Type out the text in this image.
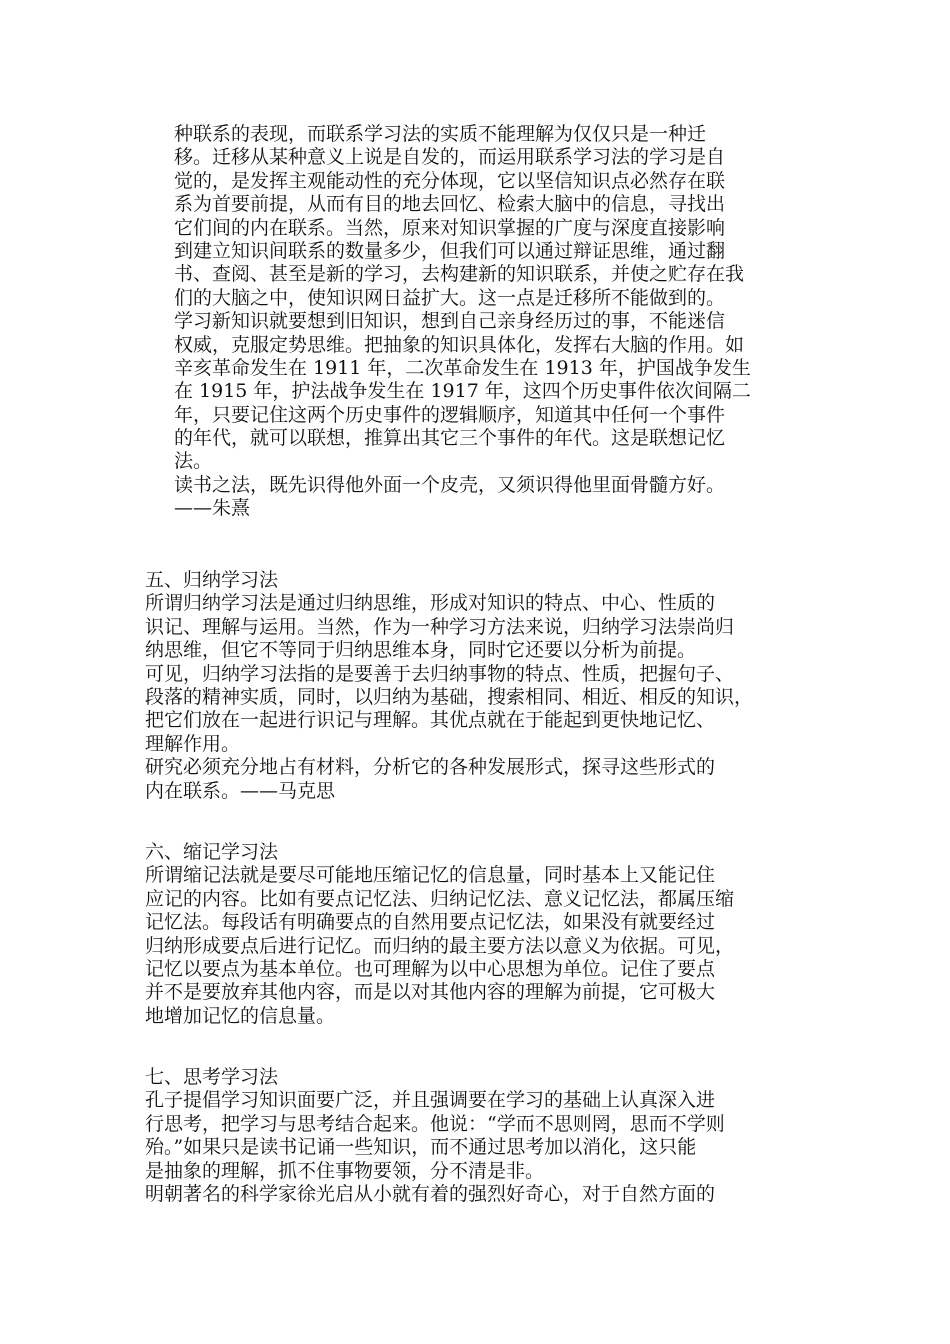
种联系的表现，而联系学习法的实质不能理解为仅仅只是一种迁
移。迁移从某种意义上说是自发的，而运用联系学习法的学习是自
觉的，是发挥主观能动性的充分体现，它以坚信知识点必然存在联
系为首要前提，从而有目的地去回忆、检索大脑中的信息，寻找出
它们间的内在联系。当然，原来对知识掌握的广度与深度直接影响
到建立知识间联系的数量多少，但我们可以通过辩证思维，通过翻
书、查阅、甚至是新的学习，去构建新的知识联系，并使之贮存在我
们的大脑之中，使知识网日益扩大。这一点是迁移所不能做到的。
学习新知识就要想到旧知识，想到自己亲身经历过的事，不能迷信
权威，克服定势思维。把抽象的知识具体化，发挥右大脑的作用。如
辛亥革命发生在 1911 年，二次革命发生在 1913 年，护国战争发生
在 1915 年，护法战争发生在 1917 年，这四个历史事件依次间隔二
年，只要记住这两个历史事件的逻辑顺序，知道其中任何一个事件
的年代，就可以联想，推算出其它三个事件的年代。这是联想记忆
法。
读书之法，既先识得他外面一个皮壳，又须识得他里面骨髓方好。
——朱熹
五、归纳学习法
所谓归纳学习法是通过归纳思维，形成对知识的特点、中心、性质的
识记、理解与运用。当然，作为一种学习方法来说，归纳学习法崇尚归
纳思维，但它不等同于归纳思维本身，同时它还要以分析为前提。
可见，归纳学习法指的是要善于去归纳事物的特点、性质，把握句子、
段落的精神实质，同时，以归纳为基础，搜索相同、相近、相反的知识，
把它们放在一起进行识记与理解。其优点就在于能起到更快地记忆、
理解作用。
研究必须充分地占有材料，分析它的各种发展形式，探寻这些形式的
内在联系。——马克思
六、缩记学习法
所谓缩记法就是要尽可能地压缩记忆的信息量，同时基本上又能记住
应记的内容。比如有要点记忆法、归纳记忆法、意义记忆法，都属压缩
记忆法。每段话有明确要点的自然用要点记忆法，如果没有就要经过
归纳形成要点后进行记忆。而归纳的最主要方法以意义为依据。可见，
记忆以要点为基本单位。也可理解为以中心思想为单位。记住了要点
并不是要放弃其他内容，而是以对其他内容的理解为前提，它可极大
地增加记忆的信息量。
七、思考学习法
孔子提倡学习知识面要广泛，并且强调要在学习的基础上认真深入进
行思考，把学习与思考结合起来。他说：“学而不思则罔，思而不学则
殆。”如果只是读书记诵一些知识，而不通过思考加以消化，这只能
是抽象的理解，抓不住事物要领，分不清是非。
明朝著名的科学家徐光启从小就有着的强烈好奇心，对于自然方面的
